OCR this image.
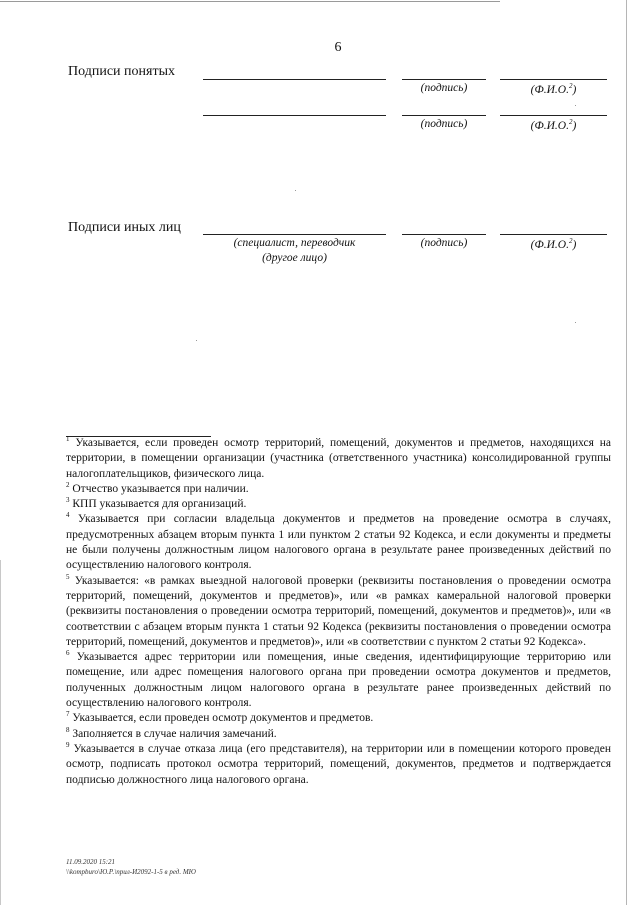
6
Подписи понятых
(подпись)	(Ф.И.О.$^2$)
(подпись)	(Ф.И.О.$^2$)
Подписи иных лиц
(специалист, переводчик
(другое лицо)
(подпись)	(Ф.И.О.$^2$)

$^1$ Указывается, если проведен осмотр территорий, помещений, документов и предметов, находящихся на территории, в помещении организации (участника (ответственного участника) консолидированной группы налогоплательщиков, физического лица.

$^2$ Отчество указывается при наличии.

$^3$ КПП указывается для организаций.

$^4$ Указывается при согласии владельца документов и предметов на проведение осмотра в случаях, предусмотренных абзацем вторым пункта 1 или пунктом 2 статьи 92 Кодекса, и если документы и предметы не были получены должностным лицом налогового органа в результате ранее произведенных действий по осуществлению налогового контроля.

$^5$ Указывается: «в рамках выездной налоговой проверки (реквизиты постановления о проведении осмотра территорий, помещений, документов и предметов)», или «в рамках камеральной налоговой проверки (реквизиты постановления о проведении осмотра территорий, помещений, документов и предметов)», или «в соответствии с абзацем вторым пункта 1 статьи 92 Кодекса (реквизиты постановления о проведении осмотра территорий, помещений, документов и предметов)», или «в соответствии с пунктом 2 статьи 92 Кодекса».

$^6$ Указывается адрес территории или помещения, иные сведения, идентифицирующие территорию или помещение, или адрес помещения налогового органа при проведении осмотра документов и предметов, полученных должностным лицом налогового органа в результате ранее произведенных действий по осуществлению налогового контроля.

$^7$ Указывается, если проведен осмотр документов и предметов.

$^8$ Заполняется в случае наличия замечаний.

$^9$ Указывается в случае отказа лица (его представителя), на территории или в помещении которого проведен осмотр, подписать протокол осмотра территорий, помещений, документов, предметов и подтверждается подписью должностного лица налогового органа.

11.09.2020 15:21
\\kompburo\Ю.Р.\прил-И2092-1-5 в ред. МЮ
